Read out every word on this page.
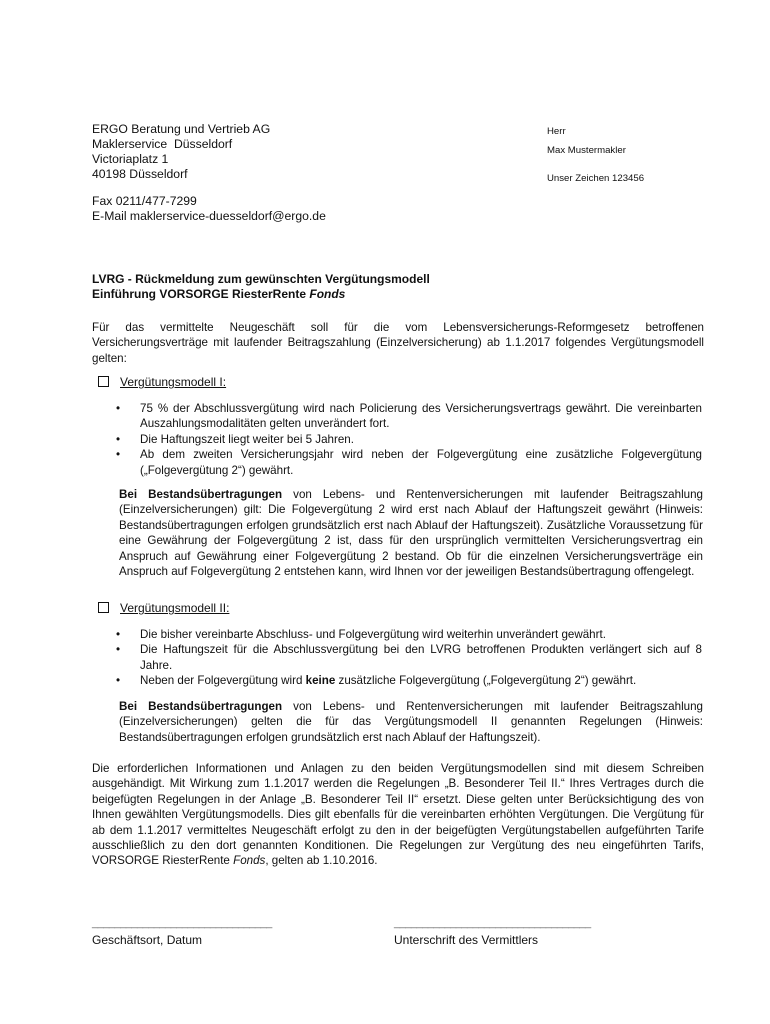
ERGO Beratung und Vertrieb AG
Maklerservice  Düsseldorf
Victoriaplatz 1
40198 Düsseldorf
Herr
Max Mustermakler
Unser Zeichen 123456
Fax 0211/477-7299
E-Mail maklerservice-duesseldorf@ergo.de
LVRG - Rückmeldung zum gewünschten Vergütungsmodell
Einführung VORSORGE RiesterRente Fonds
Für das vermittelte Neugeschäft soll für die vom Lebensversicherungs-Reformgesetz betroffenen Versicherungsverträge mit laufender Beitragszahlung (Einzelversicherung) ab 1.1.2017 folgendes Vergütungsmodell gelten:
Vergütungsmodell I:
• 75 % der Abschlussvergütung wird nach Policierung des Versicherungsvertrags gewährt. Die vereinbarten Auszahlungsmodalitäten gelten unverändert fort.
• Die Haftungszeit liegt weiter bei 5 Jahren.
• Ab dem zweiten Versicherungsjahr wird neben der Folgevergütung eine zusätzliche Folgevergütung („Folgevergütung 2“) gewährt.
Bei Bestandsübertragungen von Lebens- und Rentenversicherungen mit laufender Beitragszahlung (Einzelversicherungen) gilt: Die Folgevergütung 2 wird erst nach Ablauf der Haftungszeit gewährt (Hinweis: Bestandsübertragungen erfolgen grundsätzlich erst nach Ablauf der Haftungszeit). Zusätzliche Voraussetzung für eine Gewährung der Folgevergütung 2 ist, dass für den ursprünglich vermittelten Versicherungsvertrag ein Anspruch auf Gewährung einer Folgevergütung 2 bestand. Ob für die einzelnen Versicherungsverträge ein Anspruch auf Folgevergütung 2 entstehen kann, wird Ihnen vor der jeweiligen Bestandsübertragung offengelegt.
Vergütungsmodell II:
• Die bisher vereinbarte Abschluss- und Folgevergütung wird weiterhin unverändert gewährt.
• Die Haftungszeit für die Abschlussvergütung bei den LVRG betroffenen Produkten verlängert sich auf 8 Jahre.
• Neben der Folgevergütung wird keine zusätzliche Folgevergütung („Folgevergütung 2“) gewährt.
Bei Bestandsübertragungen von Lebens- und Rentenversicherungen mit laufender Beitragszahlung (Einzelversicherungen) gelten die für das Vergütungsmodell II genannten Regelungen (Hinweis: Bestandsübertragungen erfolgen grundsätzlich erst nach Ablauf der Haftungszeit).
Die erforderlichen Informationen und Anlagen zu den beiden Vergütungsmodellen sind mit diesem Schreiben ausgehändigt. Mit Wirkung zum 1.1.2017 werden die Regelungen „B. Besonderer Teil II.“ Ihres Vertrages durch die beigefügten Regelungen in der Anlage „B. Besonderer Teil II“ ersetzt. Diese gelten unter Berücksichtigung des von Ihnen gewählten Vergütungsmodells. Dies gilt ebenfalls für die vereinbarten erhöhten Vergütungen. Die Vergütung für ab dem 1.1.2017 vermitteltes Neugeschäft erfolgt zu den in der beigefügten Vergütungstabellen aufgeführten Tarife ausschließlich zu den dort genannten Konditionen. Die Regelungen zur Vergütung des neu eingeführten Tarifs, VORSORGE RiesterRente Fonds, gelten ab 1.10.2016.
________________________________	___________________________________
Geschäftsort, Datum	Unterschrift des Vermittlers
